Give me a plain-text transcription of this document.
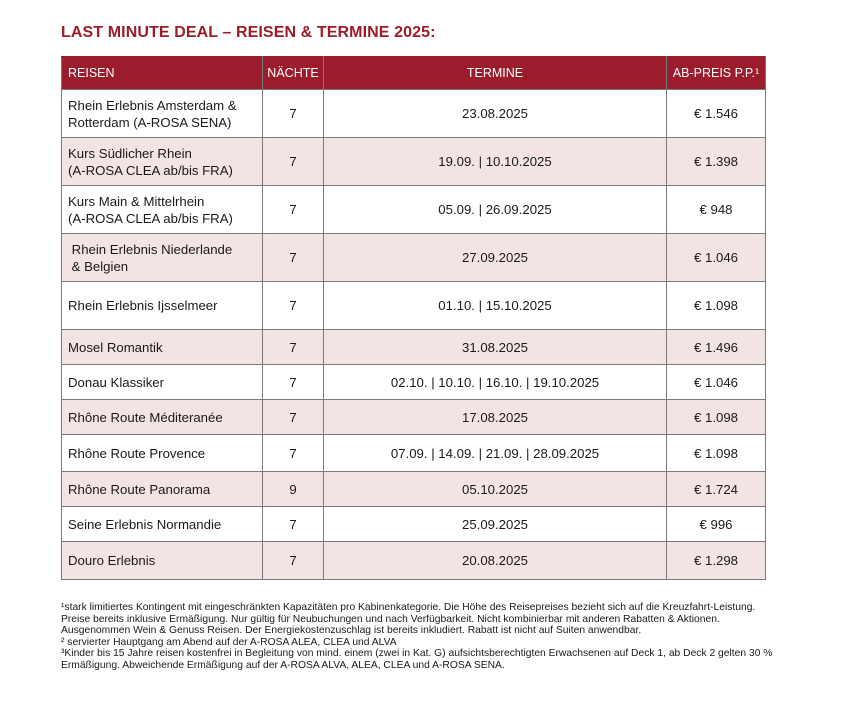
LAST MINUTE DEAL – REISEN & TERMINE 2025:
REISEN	NÄCHTE	TERMINE	AB-PREIS P.P.¹

Rhein Erlebnis Amsterdam &
Rotterdam (A-ROSA SENA)	7	23.08.2025	€ 1.546

Kurs Südlicher Rhein
(A-ROSA CLEA ab/bis FRA)	7	19.09. | 10.10.2025	€ 1.398

Kurs Main & Mittelrhein
(A-ROSA CLEA ab/bis FRA)	7	05.09. | 26.09.2025	€ 948

Rhein Erlebnis Niederlande
& Belgien	7	27.09.2025	€ 1.046

Rhein Erlebnis Ijsselmeer	7	01.10. | 15.10.2025	€ 1.098

Mosel Romantik	7	31.08.2025	€ 1.496

Donau Klassiker	7	02.10. | 10.10. | 16.10. | 19.10.2025	€ 1.046

Rhône Route Méditeranée	7	17.08.2025	€ 1.098

Rhône Route Provence	7	07.09. | 14.09. | 21.09. | 28.09.2025	€ 1.098

Rhône Route Panorama	9	05.10.2025	€ 1.724

Seine Erlebnis Normandie	7	25.09.2025	€ 996

Douro Erlebnis	7	20.08.2025	€ 1.298

¹stark limitiertes Kontingent mit eingeschränkten Kapazitäten pro Kabinenkategorie. Die Höhe des Reisepreises bezieht sich auf die Kreuzfahrt-Leistung. Preise bereits inklusive Ermäßigung. Nur gültig für Neubuchungen und nach Verfügbarkeit. Nicht kombinierbar mit anderen Rabatten & Aktionen. Ausgenommen Wein & Genuss Reisen. Der Energiekostenzuschlag ist bereits inkludiert. Rabatt ist nicht auf Suiten anwendbar.

² servierter Hauptgang am Abend auf der A-ROSA ALEA, CLEA und ALVA

³Kinder bis 15 Jahre reisen kostenfrei in Begleitung von mind. einem (zwei in Kat. G) aufsichtsberechtigten Erwachsenen auf Deck 1, ab Deck 2 gelten 30 % Ermäßigung. Abweichende Ermäßigung auf der A-ROSA ALVA, ALEA, CLEA und A-ROSA SENA.
